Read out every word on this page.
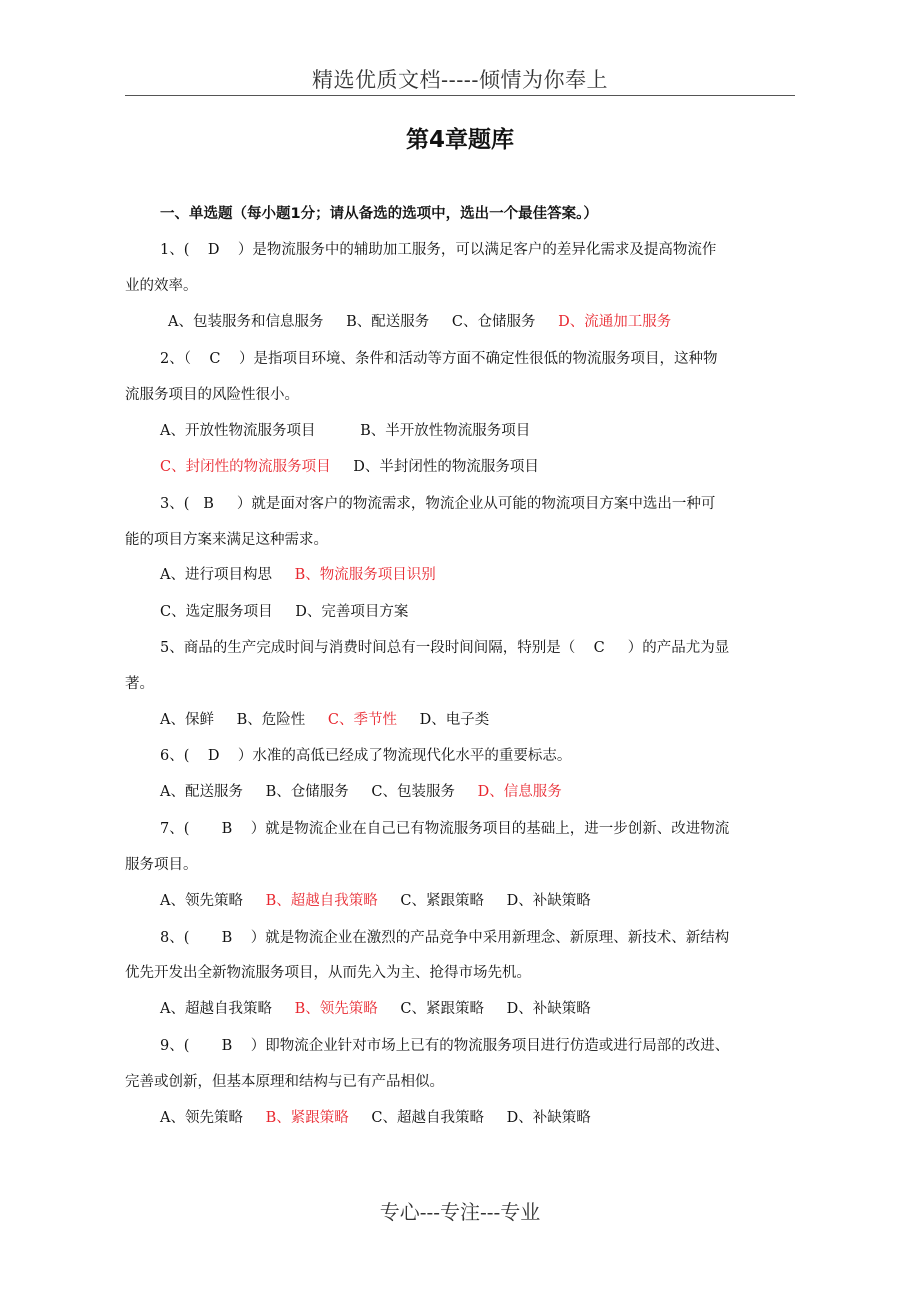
精选优质文档-----倾情为你奉上
第4章题库
一、单选题（每小题1分；请从备选的选项中，选出一个最佳答案。）
1、(    D    ）是物流服务中的辅助加工服务，可以满足客户的差异化需求及提高物流作
业的效率。
A、包装服务和信息服务 B、配送服务 C、仓储服务 D、流通加工服务
2、（    C    ）是指项目环境、条件和活动等方面不确定性很低的物流服务项目，这种物
流服务项目的风险性很小。
A、开放性物流服务项目	B、半开放性物流服务项目
C、封闭性的物流服务项目 D、半封闭性的物流服务项目
3、(   B     ）就是面对客户的物流需求，物流企业从可能的物流项目方案中选出一种可
能的项目方案来满足这种需求。
A、进行项目构思 B、物流服务项目识别
C、选定服务项目 D、完善项目方案
5、商品的生产完成时间与消费时间总有一段时间间隔，特别是（    C     ）的产品尤为显
著。
A、保鲜 B、危险性 C、季节性 D、电子类
6、(    D    ）水准的高低已经成了物流现代化水平的重要标志。
A、配送服务 B、仓储服务 C、包装服务 D、信息服务
7、(       B    ）就是物流企业在自己已有物流服务项目的基础上，进一步创新、改进物流
服务项目。
A、领先策略 B、超越自我策略 C、紧跟策略 D、补缺策略
8、(       B    ）就是物流企业在激烈的产品竞争中采用新理念、新原理、新技术、新结构
优先开发出全新物流服务项目，从而先入为主、抢得市场先机。
A、超越自我策略 B、领先策略 C、紧跟策略 D、补缺策略
9、(       B    ）即物流企业针对市场上已有的物流服务项目进行仿造或进行局部的改进、
完善或创新，但基本原理和结构与已有产品相似。
A、领先策略 B、紧跟策略 C、超越自我策略 D、补缺策略
专心---专注---专业
